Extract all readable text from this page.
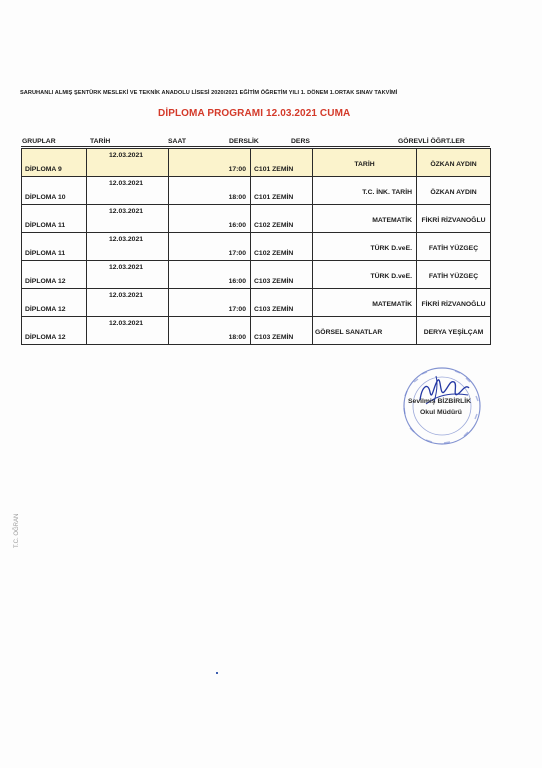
SARUHANLI ALMIŞ ŞENTÜRK MESLEKİ VE TEKNİK ANADOLU LİSESİ 2020/2021 EĞİTİM ÖĞRETİM YILI 1. DÖNEM 1.ORTAK SINAV TAKVİMİ
DİPLOMA PROGRAMI 12.03.2021 CUMA
GRUPLAR	TARİH	SAAT	DERSLİK	DERS	GÖREVLİ ÖĞRT.LER
DİPLOMA 9	12.03.2021	17:00	C101 ZEMİN	TARİH	ÖZKAN AYDIN

DİPLOMA 10	12.03.2021	18:00	C101 ZEMİN	T.C. İNK. TARİH	ÖZKAN AYDIN

DİPLOMA 11	12.03.2021	16:00	C102 ZEMİN	MATEMATİK	FİKRİ RİZVANOĞLU

DİPLOMA 11	12.03.2021	17:00	C102 ZEMİN	TÜRK D.veE.	FATİH YÜZGEÇ

DİPLOMA 12	12.03.2021	16:00	C103 ZEMİN	TÜRK D.veE.	FATİH YÜZGEÇ

DİPLOMA 12	12.03.2021	17:00	C103 ZEMİN	MATEMATİK	FİKRİ RİZVANOĞLU

DİPLOMA 12	12.03.2021	18:00	C103 ZEMİN	GÖRSEL SANATLAR	DERYA YEŞİLÇAM
Sevilmiş BİZBİRLİK
Okul Müdürü
T.C. OĞRAN
